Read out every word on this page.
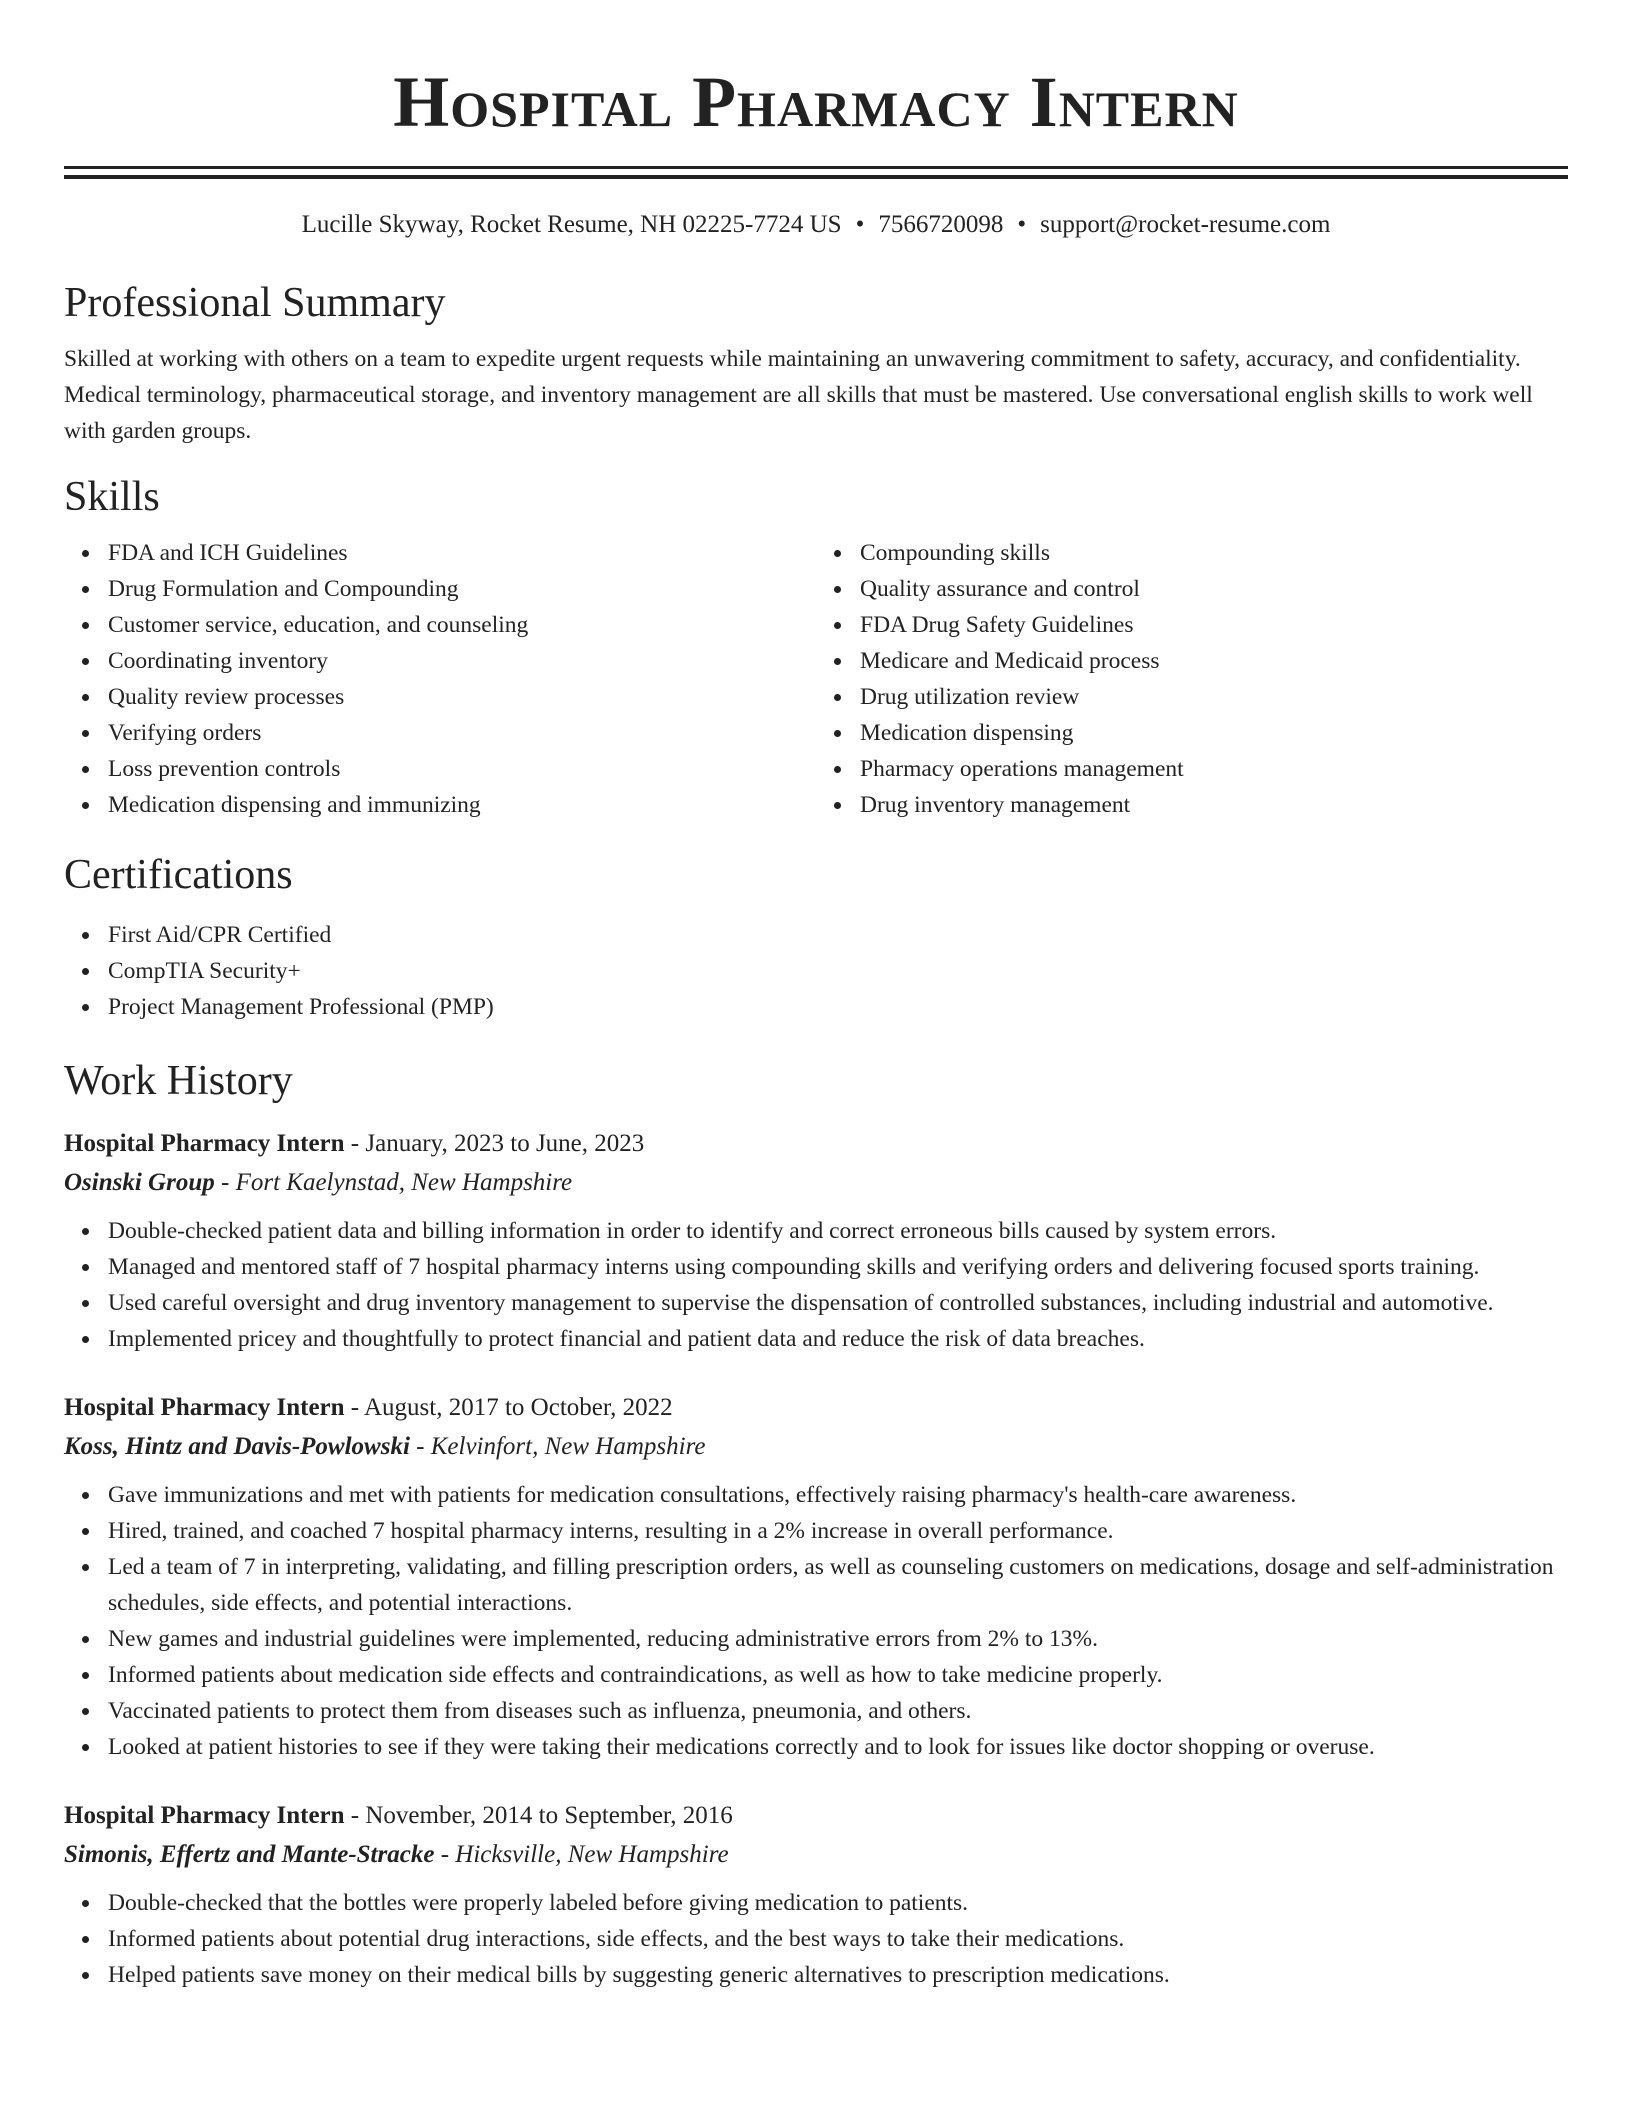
Hospital Pharmacy Intern
Lucille Skyway, Rocket Resume, NH 02225-7724 US • 7566720098 • support@rocket-resume.com
Professional Summary

Skilled at working with others on a team to expedite urgent requests while maintaining an unwavering commitment to safety, accuracy, and confidentiality. Medical terminology, pharmaceutical storage, and inventory management are all skills that must be mastered. Use conversational english skills to work well with garden groups.

Skills
FDA and ICH Guidelines
Drug Formulation and Compounding
Customer service, education, and counseling
Coordinating inventory
Quality review processes
Verifying orders
Loss prevention controls
Medication dispensing and immunizing
Compounding skills
Quality assurance and control
FDA Drug Safety Guidelines
Medicare and Medicaid process
Drug utilization review
Medication dispensing
Pharmacy operations management
Drug inventory management
Certifications
First Aid/CPR Certified
CompTIA Security+
Project Management Professional (PMP)
Work History
Hospital Pharmacy Intern - January, 2023 to June, 2023
Osinski Group - Fort Kaelynstad, New Hampshire
Double-checked patient data and billing information in order to identify and correct erroneous bills caused by system errors.
Managed and mentored staff of 7 hospital pharmacy interns using compounding skills and verifying orders and delivering focused sports training.
Used careful oversight and drug inventory management to supervise the dispensation of controlled substances, including industrial and automotive.
Implemented pricey and thoughtfully to protect financial and patient data and reduce the risk of data breaches.
Hospital Pharmacy Intern - August, 2017 to October, 2022
Koss, Hintz and Davis-Powlowski - Kelvinfort, New Hampshire
Gave immunizations and met with patients for medication consultations, effectively raising pharmacy's health-care awareness.
Hired, trained, and coached 7 hospital pharmacy interns, resulting in a 2% increase in overall performance.
Led a team of 7 in interpreting, validating, and filling prescription orders, as well as counseling customers on medications, dosage and self-administration schedules, side effects, and potential interactions.
New games and industrial guidelines were implemented, reducing administrative errors from 2% to 13%.
Informed patients about medication side effects and contraindications, as well as how to take medicine properly.
Vaccinated patients to protect them from diseases such as influenza, pneumonia, and others.
Looked at patient histories to see if they were taking their medications correctly and to look for issues like doctor shopping or overuse.
Hospital Pharmacy Intern - November, 2014 to September, 2016
Simonis, Effertz and Mante-Stracke - Hicksville, New Hampshire
Double-checked that the bottles were properly labeled before giving medication to patients.
Informed patients about potential drug interactions, side effects, and the best ways to take their medications.
Helped patients save money on their medical bills by suggesting generic alternatives to prescription medications.
